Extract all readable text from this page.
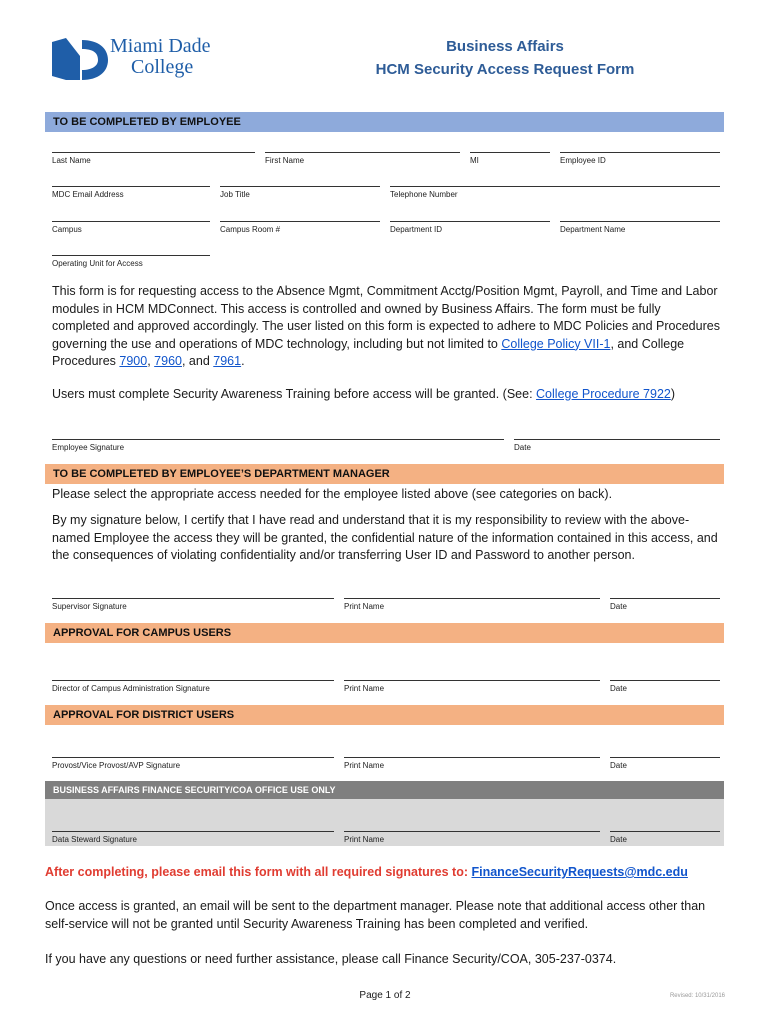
Miami Dade
College
Business Affairs
HCM Security Access Request Form
TO BE COMPLETED BY EMPLOYEE
Last Name	First Name	MI	Employee ID
MDC Email Address	Job Title	Telephone Number
Campus	Campus Room #	Department ID	Department Name
Operating Unit for Access
This form is for requesting access to the Absence Mgmt, Commitment Acctg/Position Mgmt, Payroll, and Time and Labor modules in HCM MDConnect. This access is controlled and owned by Business Affairs. The form must be fully completed and approved accordingly. The user listed on this form is expected to adhere to MDC Policies and Procedures governing the use and operations of MDC technology, including but not limited to College Policy VII-1, and College Procedures 7900, 7960, and 7961.
Users must complete Security Awareness Training before access will be granted. (See: College Procedure 7922)
Employee Signature	Date
TO BE COMPLETED BY EMPLOYEE’S DEPARTMENT MANAGER
Please select the appropriate access needed for the employee listed above (see categories on back).
By my signature below, I certify that I have read and understand that it is my responsibility to review with the above-named Employee the access they will be granted, the confidential nature of the information contained in this access, and the consequences of violating confidentiality and/or transferring User ID and Password to another person.
Supervisor Signature	Print Name	Date
APPROVAL FOR CAMPUS USERS
Director of Campus Administration Signature	Print Name	Date
APPROVAL FOR DISTRICT USERS
Provost/Vice Provost/AVP Signature	Print Name	Date
BUSINESS AFFAIRS FINANCE SECURITY/COA OFFICE USE ONLY
Data Steward Signature	Print Name	Date
After completing, please email this form with all required signatures to: FinanceSecurityRequests@mdc.edu
Once access is granted, an email will be sent to the department manager. Please note that additional access other than self-service will not be granted until Security Awareness Training has been completed and verified.
If you have any questions or need further assistance, please call Finance Security/COA, 305-237-0374.
Page 1 of 2	Revised: 10/31/2016
